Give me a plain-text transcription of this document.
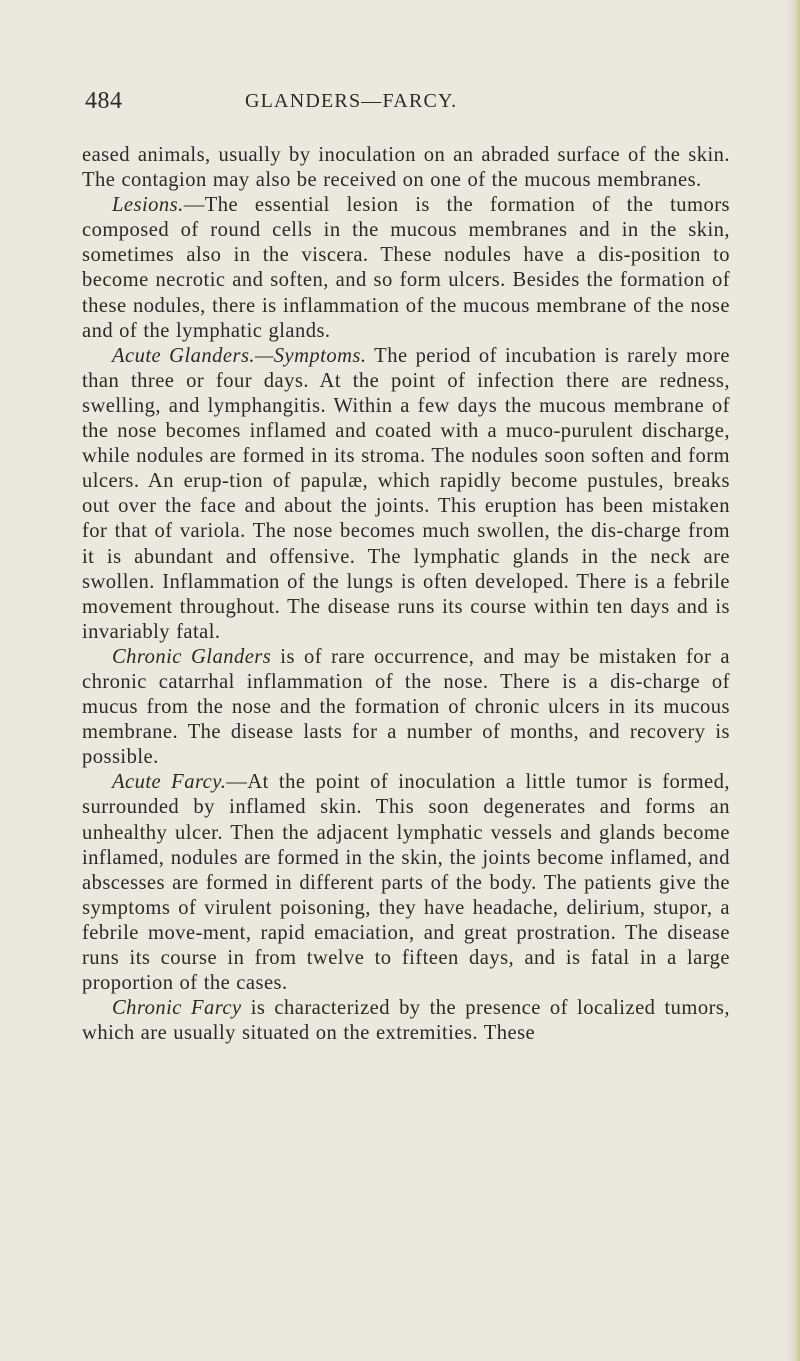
484	GLANDERS—FARCY.

eased animals, usually by inoculation on an abraded surface of the skin. The contagion may also be received on one of the mucous membranes.

Lesions.—The essential lesion is the formation of the tumors composed of round cells in the mucous membranes and in the skin, sometimes also in the viscera. These nodules have a dis-position to become necrotic and soften, and so form ulcers. Besides the formation of these nodules, there is inflammation of the mucous membrane of the nose and of the lymphatic glands.

Acute Glanders.—Symptoms. The period of incubation is rarely more than three or four days. At the point of infection there are redness, swelling, and lymphangitis. Within a few days the mucous membrane of the nose becomes inflamed and coated with a muco-purulent discharge, while nodules are formed in its stroma. The nodules soon soften and form ulcers. An erup-tion of papulæ, which rapidly become pustules, breaks out over the face and about the joints. This eruption has been mistaken for that of variola. The nose becomes much swollen, the dis-charge from it is abundant and offensive. The lymphatic glands in the neck are swollen. Inflammation of the lungs is often developed. There is a febrile movement throughout. The disease runs its course within ten days and is invariably fatal.

Chronic Glanders is of rare occurrence, and may be mistaken for a chronic catarrhal inflammation of the nose. There is a dis-charge of mucus from the nose and the formation of chronic ulcers in its mucous membrane. The disease lasts for a number of months, and recovery is possible.

Acute Farcy.—At the point of inoculation a little tumor is formed, surrounded by inflamed skin. This soon degenerates and forms an unhealthy ulcer. Then the adjacent lymphatic vessels and glands become inflamed, nodules are formed in the skin, the joints become inflamed, and abscesses are formed in different parts of the body. The patients give the symptoms of virulent poisoning, they have headache, delirium, stupor, a febrile move-ment, rapid emaciation, and great prostration. The disease runs its course in from twelve to fifteen days, and is fatal in a large proportion of the cases.

Chronic Farcy is characterized by the presence of localized tumors, which are usually situated on the extremities. These
